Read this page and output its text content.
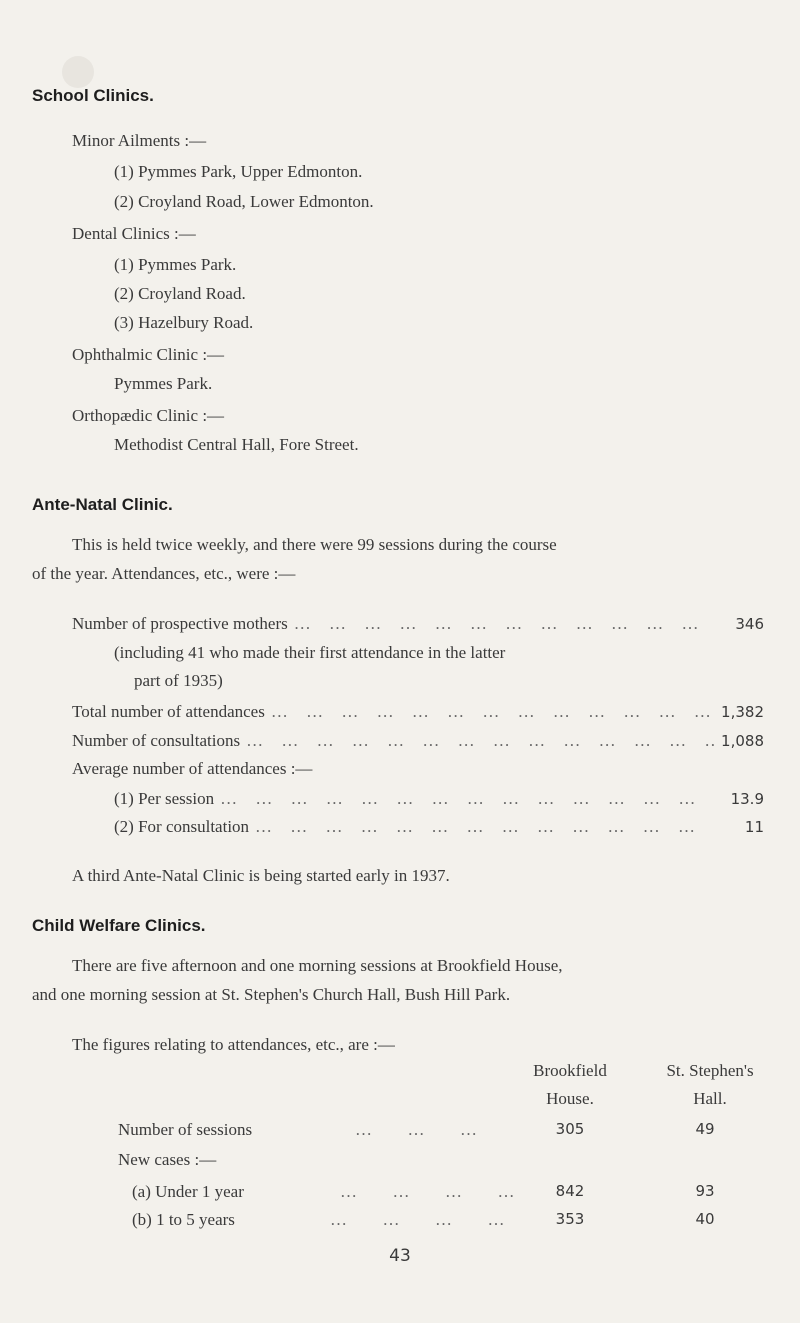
School Clinics.
Minor Ailments :—
(1) Pymmes Park, Upper Edmonton.
(2) Croyland Road, Lower Edmonton.
Dental Clinics :—
(1) Pymmes Park.
(2) Croyland Road.
(3) Hazelbury Road.
Ophthalmic Clinic :—
Pymmes Park.
Orthopædic Clinic :—
Methodist Central Hall, Fore Street.
Ante-Natal Clinic.
This is held twice weekly, and there were 99 sessions during the course
of the year. Attendances, etc., were :—
Number of prospective mothers … … … … … … … … … … … … … … … … … … … … … …	346
(including 41 who made their first attendance in the latter
part of 1935)
Total number of attendances … … … … … … … … … … … … … … … … … … … … … …	1,382
Number of consultations … … … … … … … … … … … … … … … … … … … … … …	1,088
Average number of attendances :—
(1) Per session … … … … … … … … … … … … … … … … … … … … … …	13.9
(2) For consultation … … … … … … … … … … … … … … … … … … … … … …	11
A third Ante-Natal Clinic is being started early in 1937.
Child Welfare Clinics.
There are five afternoon and one morning sessions at Brookfield House,
and one morning session at St. Stephen's Church Hall, Bush Hill Park.
The figures relating to attendances, etc., are :—
Brookfield
House.
St. Stephen's
Hall.
Number of sessions	305	49
…  …  …
New cases :—
(a) Under 1 year	842	93
…  …  …  …
(b) 1 to 5 years	353	40
…  …  …  …
43
